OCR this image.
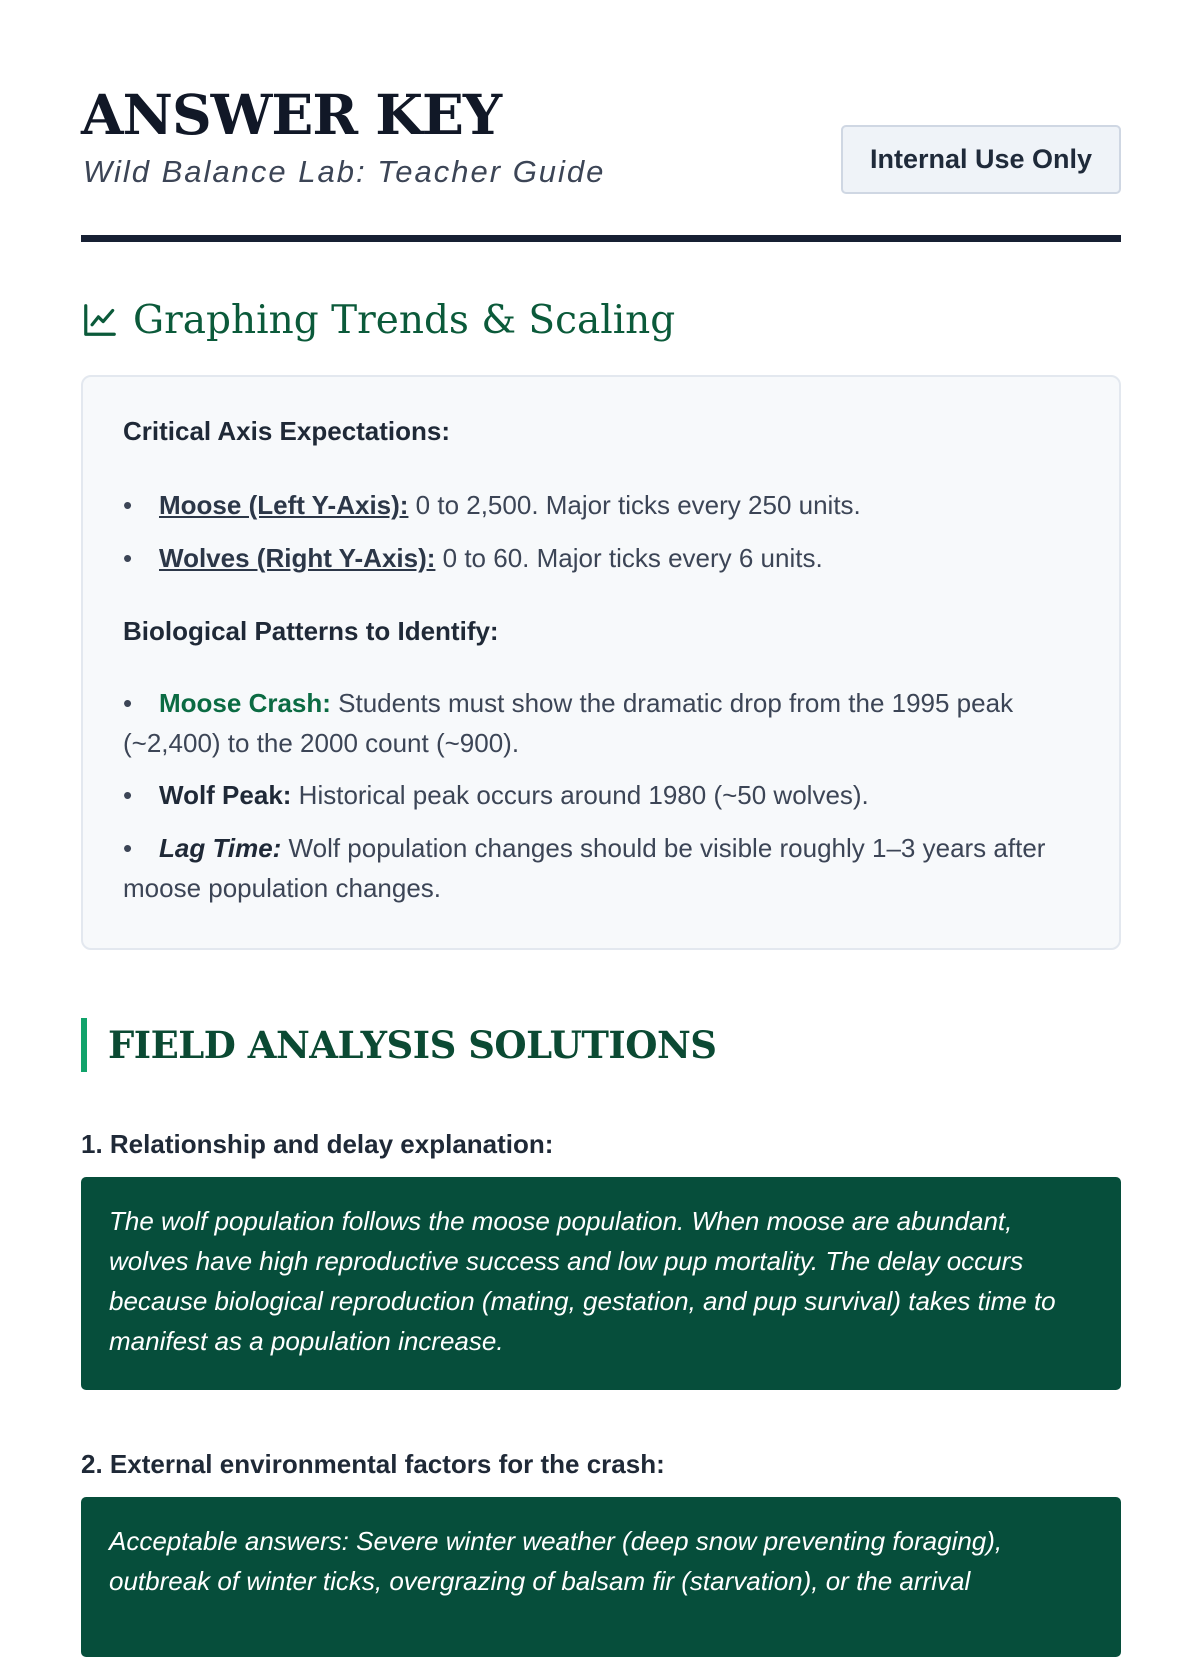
ANSWER KEY
Wild Balance Lab: Teacher Guide	Internal Use Only
Graphing Trends & Scaling
Critical Axis Expectations:
• Moose (Left Y-Axis): 0 to 2,500. Major ticks every 250 units.
• Wolves (Right Y-Axis): 0 to 60. Major ticks every 6 units.
Biological Patterns to Identify:
• Moose Crash: Students must show the dramatic drop from the 1995 peak (~2,400) to the 2000 count (~900).
• Wolf Peak: Historical peak occurs around 1980 (~50 wolves).
• Lag Time: Wolf population changes should be visible roughly 1–3 years after moose population changes.
FIELD ANALYSIS SOLUTIONS
1. Relationship and delay explanation:
The wolf population follows the moose population. When moose are abundant, wolves have high reproductive success and low pup mortality. The delay occurs because biological reproduction (mating, gestation, and pup survival) takes time to manifest as a population increase.
2. External environmental factors for the crash:
Acceptable answers: Severe winter weather (deep snow preventing foraging), outbreak of winter ticks, overgrazing of balsam fir (starvation), or the arrival
